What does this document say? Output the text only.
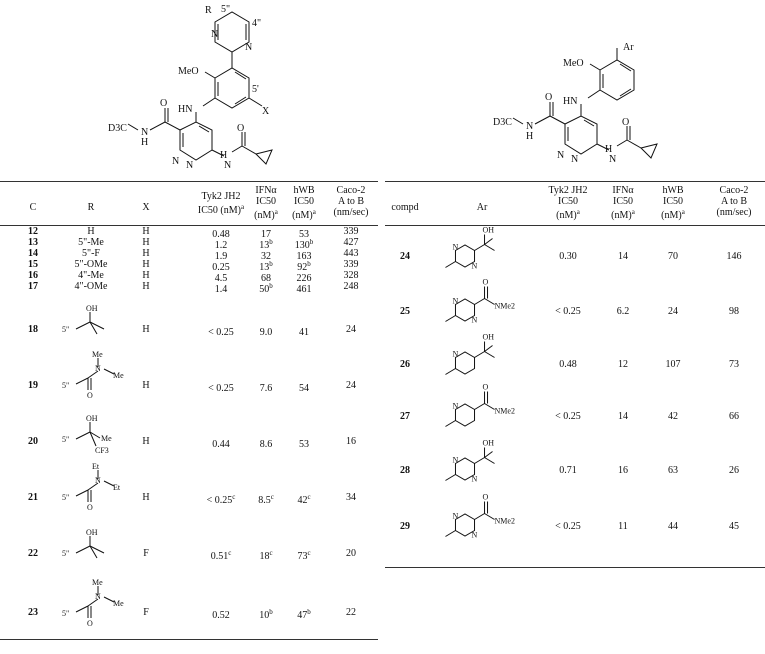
R 5"
4"
N
N
MeO
HN
5'
X
O
D3C N
H
N N
H
N
O
C	R	X
Tyk2 JH2
IC50 (nM)$^a$
IFNα
IC50
(nM)$^a$
hWB
IC50
(nM)$^a$
Caco-2
A to B
(nm/sec)
12	H	H	0.48	17	53	339
13	5"-Me	H	1.2	13$^b$	130$^b$	427
14	5"-F	H	1.9	32	163	443
15	5"-OMe	H	0.25	13$^b$	92$^b$	339
16	4"-Me	H	4.5	68	226	328
17	4"-OMe	H	1.4	50$^b$	461	248
18	H	< 0.25	9.0	41	24
19	H	< 0.25	7.6	54	24
20	H	0.44	8.6	53	16
21	H	< 0.25$^c$	8.5$^c$	42$^c$	34
22	F	0.51$^c$	18$^c$	73$^c$	20
23	F	0.52	10$^b$	47$^b$	22
5"
OH
5"
Me
N
Me
O
5"
OH
Me
CF3
5"
Et
N
Et
O
5"
OH
5"
Me
N
Me
O
Ar
MeO
HN
O
D3C N
H
N N
H
N
O
compd	Ar
Tyk2 JH2
IC50
(nM)$^a$
IFNα
IC50
(nM)$^a$
hWB
IC50
(nM)$^a$
Caco-2
A to B
(nm/sec)
24	0.30	14	70	146
25	< 0.25	6.2	24	98
26	0.48	12	107	73
27	< 0.25	14	42	66
28	0.71	16	63	26
29	< 0.25	11	44	45
OH
N
N
O
NMe2
N
N
OH
N
O
NMe2
N
OH
N
N
O
NMe2
N
N
